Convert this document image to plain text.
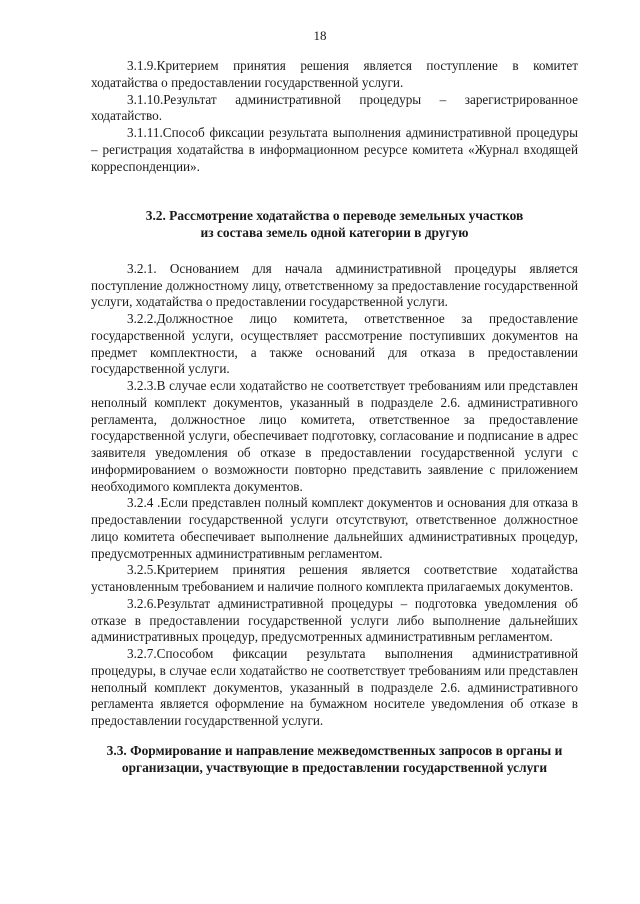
18

3.1.9.Критерием принятия решения является поступление в комитет ходатайства о предоставлении государственной услуги.

3.1.10.Результат административной процедуры – зарегистрированное ходатайство.

3.1.11.Способ фиксации результата выполнения административной процедуры – регистрация ходатайства в информационном ресурсе комитета «Журнал входящей корреспонденции».

3.2. Рассмотрение ходатайства о переводе земельных участков
из состава земель одной категории в другую

3.2.1. Основанием для начала административной процедуры является поступление должностному лицу, ответственному за предоставление государственной услуги, ходатайства о предоставлении государственной услуги.

3.2.2.Должностное лицо комитета, ответственное за предоставление государственной услуги, осуществляет рассмотрение поступивших документов на предмет комплектности, а также оснований для отказа в предоставлении государственной услуги.

3.2.3.В случае если ходатайство не соответствует требованиям или представлен неполный комплект документов, указанный в подразделе 2.6. административного регламента, должностное лицо комитета, ответственное за предоставление государственной услуги, обеспечивает подготовку, согласование и подписание в адрес заявителя уведомления об отказе в предоставлении государственной услуги с информированием о возможности повторно представить заявление с приложением необходимого комплекта документов.

3.2.4 .Если представлен полный комплект документов и основания для отказа в предоставлении государственной услуги отсутствуют, ответственное должностное лицо комитета обеспечивает выполнение дальнейших административных процедур, предусмотренных административным регламентом.

3.2.5.Критерием принятия решения является соответствие ходатайства установленным требованием и наличие полного комплекта прилагаемых документов.

3.2.6.Результат административной процедуры – подготовка уведомления об отказе в предоставлении государственной услуги либо выполнение дальнейших административных процедур, предусмотренных административным регламентом.

3.2.7.Способом фиксации результата выполнения административной процедуры, в случае если ходатайство не соответствует требованиям или представлен неполный комплект документов, указанный в подразделе 2.6. административного регламента является оформление на бумажном носителе уведомления об отказе в предоставлении государственной услуги.

3.3. Формирование и направление межведомственных запросов в органы и
организации, участвующие в предоставлении государственной услуги
